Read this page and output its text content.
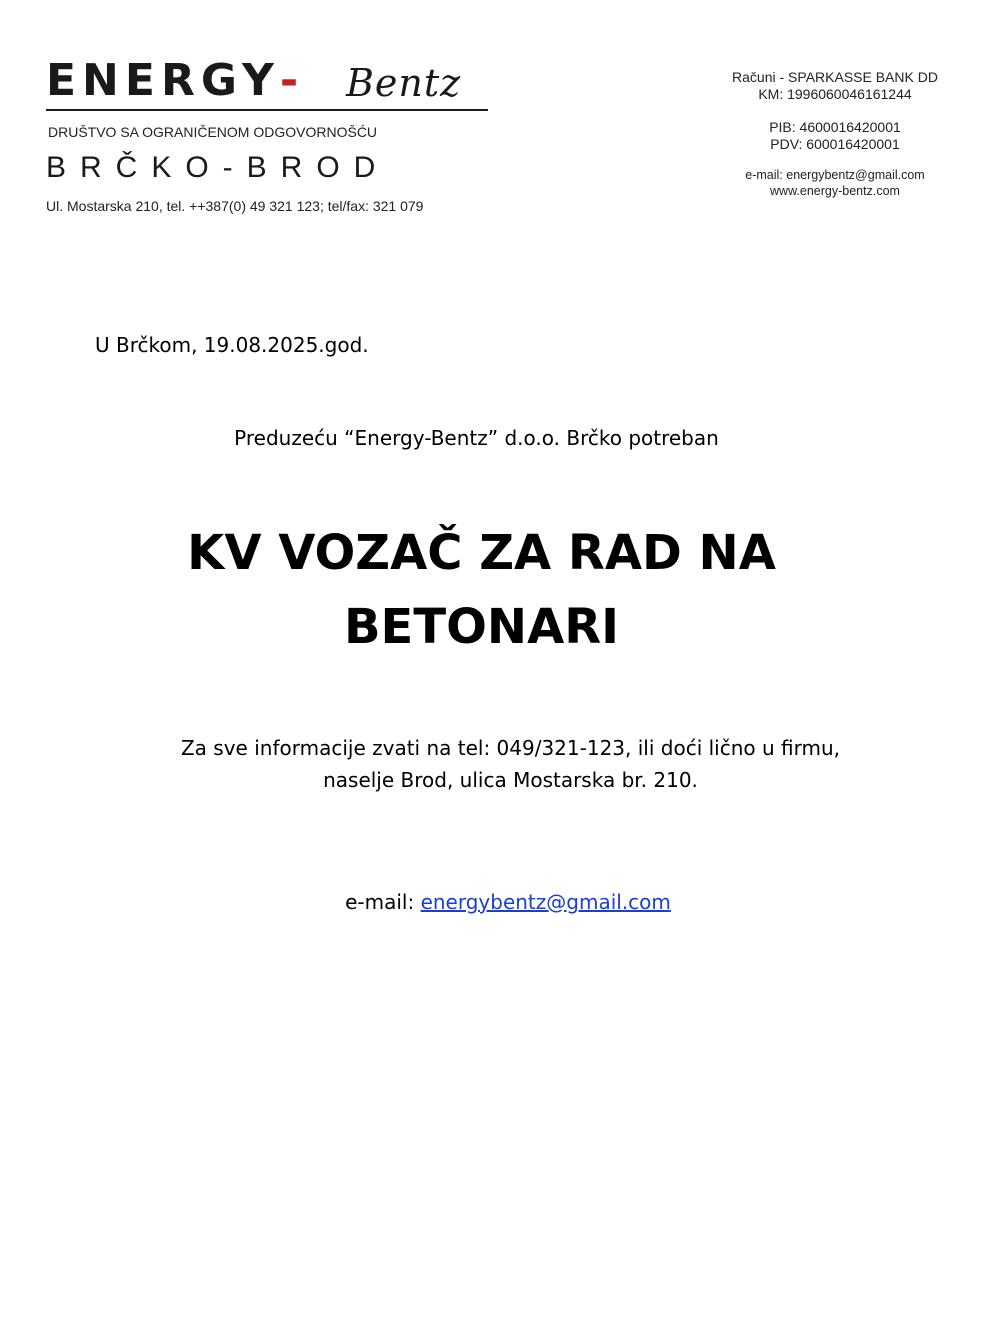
ENERGY- Bentz
DRUŠTVO SA OGRANIČENOM ODGOVORNOŠĆU
BRČKO-BROD
Ul. Mostarska 210, tel. ++387(0) 49 321 123; tel/fax: 321 079
Računi - SPARKASSE BANK DD
KM: 1996060046161244
PIB: 4600016420001
PDV: 600016420001
e-mail: energybentz@gmail.com
www.energy-bentz.com
U Brčkom, 19.08.2025.god.
Preduzeću “Energy-Bentz” d.o.o. Brčko potreban
KV VOZAČ ZA RAD NA
BETONARI
Za sve informacije zvati na tel: 049/321-123, ili doći lično u firmu,
naselje Brod, ulica Mostarska br. 210.
e-mail: energybentz@gmail.com
